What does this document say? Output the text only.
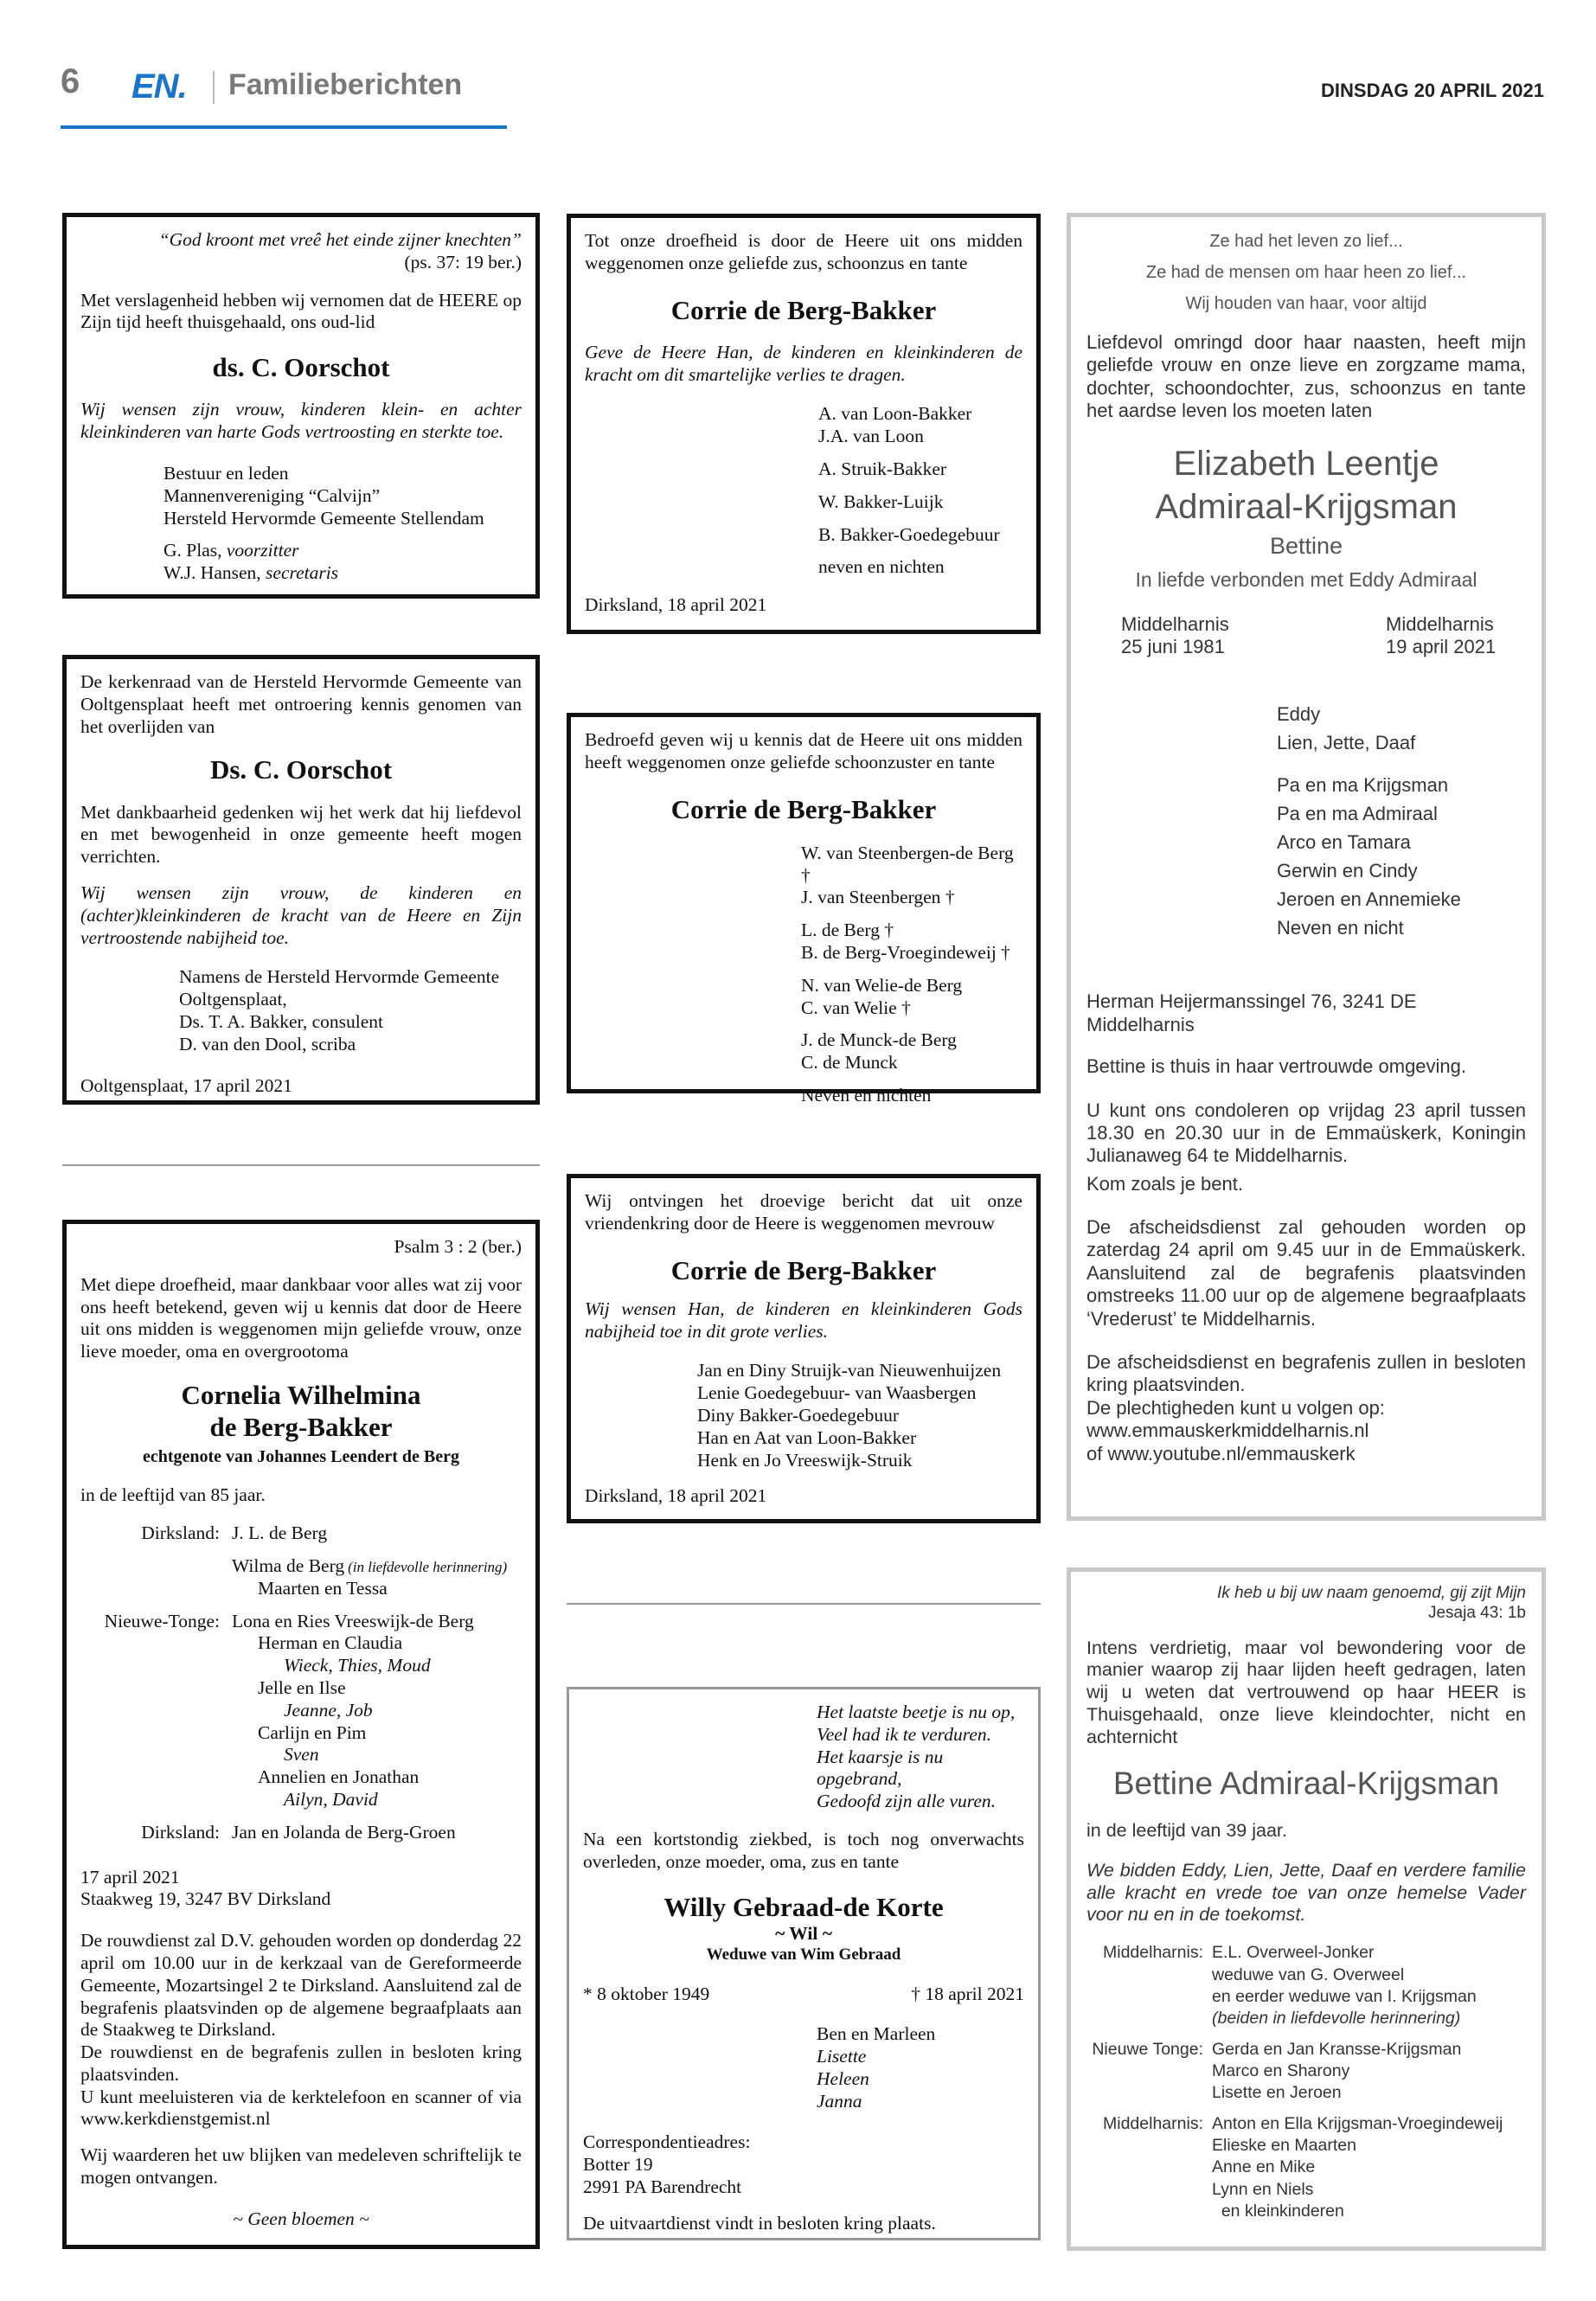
6 EN. Familieberichten	DINSDAG 20 APRIL 2021

“God kroont met vreê het einde zijner knechten”

(ps. 37: 19 ber.)

Met verslagenheid hebben wij vernomen dat de HEERE op Zijn tijd heeft thuisgehaald, ons oud-lid

ds. C. Oorschot

Wij wensen zijn vrouw, kinderen klein- en achter kleinkinderen van harte Gods vertroosting en sterkte toe.

Bestuur en leden

Mannenvereniging “Calvijn”

Hersteld Hervormde Gemeente Stellendam

G. Plas, voorzitter

W.J. Hansen, secretaris

De kerkenraad van de Hersteld Hervormde Gemeente van Ooltgensplaat heeft met ontroering kennis genomen van het overlijden van

Ds. C. Oorschot

Met dankbaarheid gedenken wij het werk dat hij liefdevol en met bewogenheid in onze gemeente heeft mogen verrichten.

Wij wensen zijn vrouw, de kinderen en (achter)kleinkinderen de kracht van de Heere en Zijn vertroostende nabijheid toe.

Namens de Hersteld Hervormde Gemeente

Ooltgensplaat,

Ds. T. A. Bakker, consulent

D. van den Dool, scriba

Ooltgensplaat, 17 april 2021

Psalm 3 : 2 (ber.)

Met diepe droefheid, maar dankbaar voor alles wat zij voor ons heeft betekend, geven wij u kennis dat door de Heere uit ons midden is weggenomen mijn geliefde vrouw, onze lieve moeder, oma en overgrootoma

Cornelia Wilhelmina

de Berg-Bakker

echtgenote van Johannes Leendert de Berg

in de leeftijd van 85 jaar.

Dirksland: J. L. de Berg
Wilma de Berg (in liefdevolle herinnering)
Maarten en Tessa
Nieuwe-Tonge: Lona en Ries Vreeswijk-de Berg
Herman en Claudia
Wieck, Thies, Moud
Jelle en Ilse
Jeanne, Job
Carlijn en Pim
Sven
Annelien en Jonathan
Ailyn, David
Dirksland: Jan en Jolanda de Berg-Groen

17 april 2021

Staakweg 19, 3247 BV Dirksland

De rouwdienst zal D.V. gehouden worden op donderdag 22 april om 10.00 uur in de kerkzaal van de Gereformeerde Gemeente, Mozartsingel 2 te Dirksland. Aansluitend zal de begrafenis plaatsvinden op de algemene begraafplaats aan de Staakweg te Dirksland.

De rouwdienst en de begrafenis zullen in besloten kring plaatsvinden.

U kunt meeluisteren via de kerktelefoon en scanner of via www.kerkdienstgemist.nl

Wij waarderen het uw blijken van medeleven schriftelijk te mogen ontvangen.

~ Geen bloemen ~

Tot onze droefheid is door de Heere uit ons midden weggenomen onze geliefde zus, schoonzus en tante

Corrie de Berg-Bakker

Geve de Heere Han, de kinderen en kleinkinderen de kracht om dit smartelijke verlies te dragen.

A. van Loon-Bakker

J.A. van Loon

A. Struik-Bakker

W. Bakker-Luijk

B. Bakker-Goedegebuur

neven en nichten

Dirksland, 18 april 2021

Bedroefd geven wij u kennis dat de Heere uit ons midden heeft weggenomen onze geliefde schoonzuster en tante

Corrie de Berg-Bakker

W. van Steenbergen-de Berg †

J. van Steenbergen †

L. de Berg †

B. de Berg-Vroegindeweij †

N. van Welie-de Berg

C. van Welie †

J. de Munck-de Berg

C. de Munck

Neven en nichten

Wij ontvingen het droevige bericht dat uit onze vriendenkring door de Heere is weggenomen mevrouw

Corrie de Berg-Bakker

Wij wensen Han, de kinderen en kleinkinderen Gods nabijheid toe in dit grote verlies.

Jan en Diny Struijk-van Nieuwenhuijzen

Lenie Goedegebuur- van Waasbergen

Diny Bakker-Goedegebuur

Han en Aat van Loon-Bakker

Henk en Jo Vreeswijk-Struik

Dirksland, 18 april 2021

Het laatste beetje is nu op,

Veel had ik te verduren.

Het kaarsje is nu opgebrand,

Gedoofd zijn alle vuren.

Na een kortstondig ziekbed, is toch nog onverwachts overleden, onze moeder, oma, zus en tante

Willy Gebraad-de Korte

~ Wil ~

Weduwe van Wim Gebraad

* 8 oktober 1949	† 18 april 2021

Ben en Marleen

Lisette

Heleen

Janna

Correspondentieadres:

Botter 19

2991 PA Barendrecht

De uitvaartdienst vindt in besloten kring plaats.

Ze had het leven zo lief...

Ze had de mensen om haar heen zo lief...

Wij houden van haar, voor altijd

Liefdevol omringd door haar naasten, heeft mijn geliefde vrouw en onze lieve en zorgzame mama, dochter, schoondochter, zus, schoonzus en tante het aardse leven los moeten laten

Elizabeth Leentje

Admiraal-Krijgsman

Bettine

In liefde verbonden met Eddy Admiraal

Middelharnis

25 juni 1981

Middelharnis

19 april 2021

Eddy

Lien, Jette, Daaf

Pa en ma Krijgsman

Pa en ma Admiraal

Arco en Tamara

Gerwin en Cindy

Jeroen en Annemieke

Neven en nicht

Herman Heijermanssingel 76, 3241 DE Middelharnis

Bettine is thuis in haar vertrouwde omgeving.

U kunt ons condoleren op vrijdag 23 april tussen 18.30 en 20.30 uur in de Emmaüskerk, Koningin Julianaweg 64 te Middelharnis.

Kom zoals je bent.

De afscheidsdienst zal gehouden worden op zaterdag 24 april om 9.45 uur in de Emmaüskerk. Aansluitend zal de begrafenis plaatsvinden omstreeks 11.00 uur op de algemene begraafplaats ‘Vrederust’ te Middelharnis.

De afscheidsdienst en begrafenis zullen in besloten kring plaatsvinden.

De plechtigheden kunt u volgen op:

www.emmauskerkmiddelharnis.nl

of www.youtube.nl/emmauskerk

Ik heb u bij uw naam genoemd, gij zijt Mijn

Jesaja 43: 1b

Intens verdrietig, maar vol bewondering voor de manier waarop zij haar lijden heeft gedragen, laten wij u weten dat vertrouwend op haar HEER is Thuisgehaald, onze lieve kleindochter, nicht en achternicht

Bettine Admiraal-Krijgsman

in de leeftijd van 39 jaar.

We bidden Eddy, Lien, Jette, Daaf en verdere familie alle kracht en vrede toe van onze hemelse Vader voor nu en in de toekomst.

Middelharnis: E.L. Overweel-Jonker
weduwe van G. Overweel
en eerder weduwe van I. Krijgsman
(beiden in liefdevolle herinnering)
Nieuwe Tonge: Gerda en Jan Kransse-Krijgsman
Marco en Sharony
Lisette en Jeroen
Middelharnis: Anton en Ella Krijgsman-Vroegindeweij
Elieske en Maarten
Anne en Mike
Lynn en Niels
en kleinkinderen
